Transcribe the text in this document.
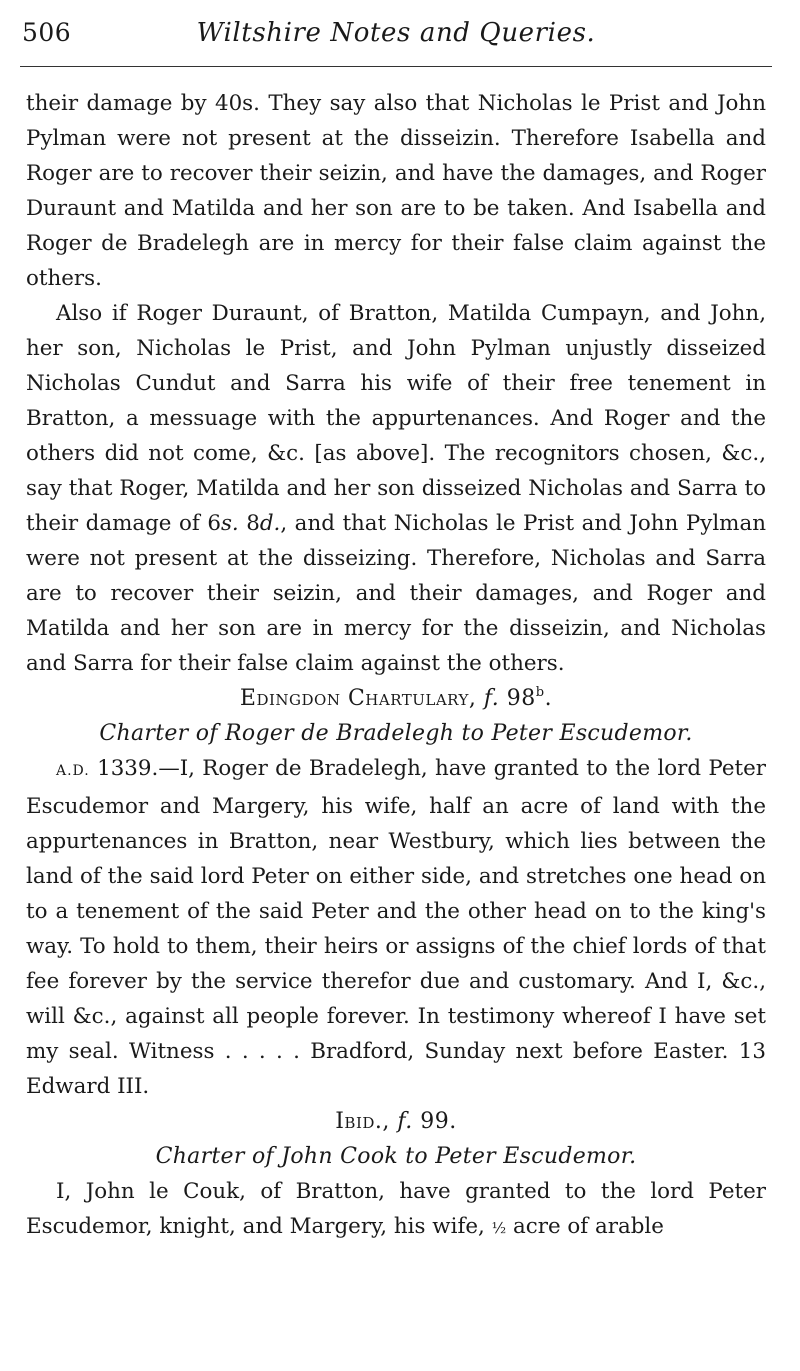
506	Wiltshire Notes and Queries.

their damage by 40s. They say also that Nicholas le Prist and John Pylman were not present at the disseizin. Therefore Isabella and Roger are to recover their seizin, and have the damages, and Roger Duraunt and Matilda and her son are to be taken. And Isabella and Roger de Bradelegh are in mercy for their false claim against the others.

Also if Roger Duraunt, of Bratton, Matilda Cumpayn, and John, her son, Nicholas le Prist, and John Pylman unjustly disseized Nicholas Cundut and Sarra his wife of their free tenement in Bratton, a messuage with the appurtenances. And Roger and the others did not come, &c. [as above]. The recognitors chosen, &c., say that Roger, Matilda and her son disseized Nicholas and Sarra to their damage of 6s. 8d., and that Nicholas le Prist and John Pylman were not present at the disseizing. Therefore, Nicholas and Sarra are to recover their seizin, and their damages, and Roger and Matilda and her son are in mercy for the disseizin, and Nicholas and Sarra for their false claim against the others.

Edingdon Chartulary, f. 98$^b$.

Charter of Roger de Bradelegh to Peter Escudemor.

A.D. 1339.—I, Roger de Bradelegh, have granted to the lord Peter Escudemor and Margery, his wife, half an acre of land with the appurtenances in Bratton, near Westbury, which lies between the land of the said lord Peter on either side, and stretches one head on to a tenement of the said Peter and the other head on to the king's way. To hold to them, their heirs or assigns of the chief lords of that fee forever by the service therefor due and customary. And I, &c., will &c., against all people forever. In testimony whereof I have set my seal. Witness . . . . . Bradford, Sunday next before Easter. 13 Edward III.

Ibid., f. 99.

Charter of John Cook to Peter Escudemor.

I, John le Couk, of Bratton, have granted to the lord Peter Escudemor, knight, and Margery, his wife, ½ acre of arable
